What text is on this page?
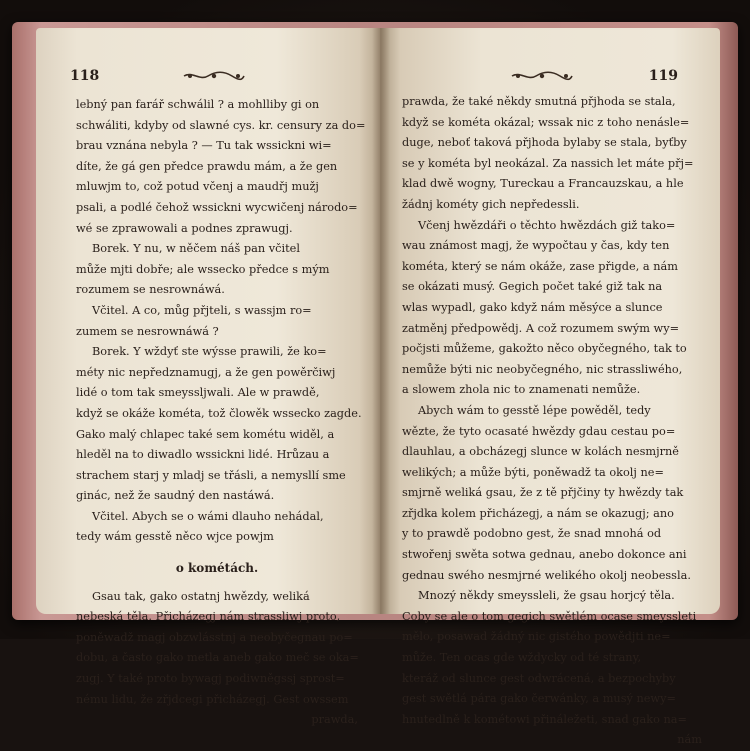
118
lebný pan farář schwálil ? a mohlliby gi on
schwáliti, kdyby od slawné cys. kr. censury za do=
brau vznána nebyla ? — Tu tak wssickni wi=
díte, že gá gen předce prawdu mám, a že gen
mluwjm to, což potud včenj a maudřj mužj
psali, a podlé čehož wssickni wycwičenj národo=
wé se zprawowali a podnes zprawugj.
Borek. Y nu, w něčem náš pan včitel
může mjti dobře; ale wssecko předce s mým
rozumem se nesrownáwá.
Včitel. A co, můg přjteli, s wassjm ro=
zumem se nesrownáwá ?
Borek. Y wždyť ste wýsse prawili, že ko=
méty nic nepředznamugj, a že gen powěrčiwj
lidé o tom tak smeyssljwali. Ale w prawdě,
když se okáže kométa, tož člowěk wssecko zagde.
Gako malý chlapec také sem kométu widěl, a
hleděl na to diwadlo wssickni lidé. Hrůzau a
strachem starj y mladj se třásli, a nemysllí sme
ginác, než že saudný den nastáwá.
Včitel. Abych se o wámi dlauho nehádal,
tedy wám gesstě něco wjce powjm
o kométách.
Gsau tak, gako ostatnj hwězdy, weliká
nebeská těla. Přicházegj nám strassliwj proto,
poněwadž magj obzwlásstnj a neobyčegnau po=
dobu, a často gako metla aneb gako meč se oka=
zugj. Y také proto bywagj podiwněgssj sprost=
nému lidu, že zřjdcegi přicházegj. Gest owssem
prawda,
119
prawda, že také někdy smutná přjhoda se stala,
když se kométa okázal; wssak nic z toho nenásle=
duge, neboť taková přjhoda bylaby se stala, byťby
se y kométa byl neokázal. Za nassich let máte přj=
klad dwě wogny, Tureckau a Francauzskau, a hle
žádnj kométy gich nepředessli.
Včenj hwězdáři o těchto hwězdách giž tako=
wau známost magj, že wypočtau y čas, kdy ten
kométa, který se nám okáže, zase přigde, a nám
se okázati musý. Gegich počet také giž tak na
wlas wypadl, gako když nám měsýce a slunce
zatměnj předpowědj. A což rozumem swým wy=
počjsti můžeme, gakožto něco obyčegného, tak to
nemůže býti nic neobyčegného, nic strassliwého,
a slowem zhola nic to znamenati nemůže.
Abych wám to gesstě lépe powěděl, tedy
wězte, že tyto ocasaté hwězdy gdau cestau po=
dlauhlau, a obcházegj slunce w kolách nesmjrně
welikých; a může býti, poněwadž ta okolj ne=
smjrně weliká gsau, že z tě přjčiny ty hwězdy tak
zřjdka kolem přicházegj, a nám se okazugj; ano
y to prawdě podobno gest, že snad mnohá od
stwořenj swěta sotwa gednau, anebo dokonce ani
gednau swého nesmjrné welikého okolj neobessla.
Mnozý někdy smeyssleli, že gsau horjcý těla.
Coby se ale o tom gegich swětlém ocase smeyssleti
mělo, posawad žádný nic gistého powědjti ne=
může. Ten ocas gde wždycky od té strany,
kteráž od slunce gest odwrácená, a bezpochyby
gest swětlá pára gako čerwánky, a musý newy=
hnutedlně k kométowi přináležeti, snad gako na=
nám
